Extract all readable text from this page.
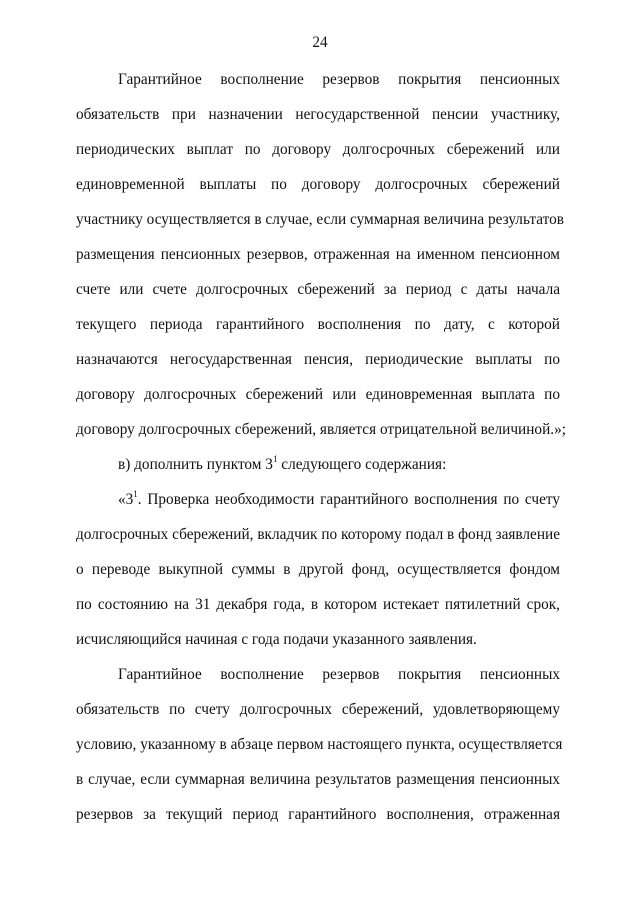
24
Гарантийное восполнение резервов покрытия пенсионных
обязательств при назначении негосударственной пенсии участнику,
периодических выплат по договору долгосрочных сбережений или
единовременной выплаты по договору долгосрочных сбережений
участнику осуществляется в случае, если суммарная величина результатов
размещения пенсионных резервов, отраженная на именном пенсионном
счете или счете долгосрочных сбережений за период с даты начала
текущего периода гарантийного восполнения по дату, с которой
назначаются негосударственная пенсия, периодические выплаты по
договору долгосрочных сбережений или единовременная выплата по
договору долгосрочных сбережений, является отрицательной величиной.»;
в) дополнить пунктом $3^1$ следующего содержания:
«$3^1$. Проверка необходимости гарантийного восполнения по счету
долгосрочных сбережений, вкладчик по которому подал в фонд заявление
о переводе выкупной суммы в другой фонд, осуществляется фондом
по состоянию на 31 декабря года, в котором истекает пятилетний срок,
исчисляющийся начиная с года подачи указанного заявления.
Гарантийное восполнение резервов покрытия пенсионных
обязательств по счету долгосрочных сбережений, удовлетворяющему
условию, указанному в абзаце первом настоящего пункта, осуществляется
в случае, если суммарная величина результатов размещения пенсионных
резервов за текущий период гарантийного восполнения, отраженная
